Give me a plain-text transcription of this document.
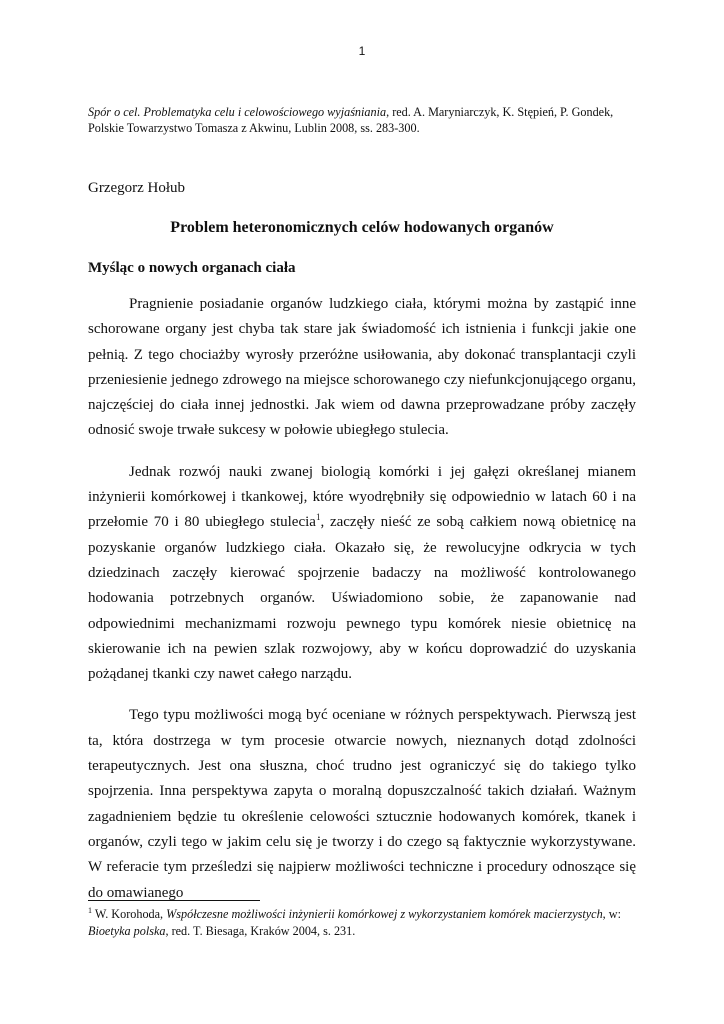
1
Spór o cel. Problematyka celu i celowościowego wyjaśniania, red. A. Maryniarczyk, K. Stępień, P. Gondek, Polskie Towarzystwo Tomasza z Akwinu, Lublin 2008, ss. 283-300.
Grzegorz Hołub
Problem heteronomicznych celów hodowanych organów
Myśląc o nowych organach ciała

Pragnienie posiadanie organów ludzkiego ciała, którymi można by zastąpić inne schorowane organy jest chyba tak stare jak świadomość ich istnienia i funkcji jakie one pełnią. Z tego chociażby wyrosły przeróżne usiłowania, aby dokonać transplantacji czyli przeniesienie jednego zdrowego na miejsce schorowanego czy niefunkcjonującego organu, najczęściej do ciała innej jednostki. Jak wiem od dawna przeprowadzane próby zaczęły odnosić swoje trwałe sukcesy w połowie ubiegłego stulecia.

Jednak rozwój nauki zwanej biologią komórki i jej gałęzi określanej mianem inżynierii komórkowej i tkankowej, które wyodrębniły się odpowiednio w latach 60 i na przełomie 70 i 80 ubiegłego stulecia$^1$, zaczęły nieść ze sobą całkiem nową obietnicę na pozyskanie organów ludzkiego ciała. Okazało się, że rewolucyjne odkrycia w tych dziedzinach zaczęły kierować spojrzenie badaczy na możliwość kontrolowanego hodowania potrzebnych organów. Uświadomiono sobie, że zapanowanie nad odpowiednimi mechanizmami rozwoju pewnego typu komórek niesie obietnicę na skierowanie ich na pewien szlak rozwojowy, aby w końcu doprowadzić do uzyskania pożądanej tkanki czy nawet całego narządu.

Tego typu możliwości mogą być oceniane w różnych perspektywach. Pierwszą jest ta, która dostrzega w tym procesie otwarcie nowych, nieznanych dotąd zdolności terapeutycznych. Jest ona słuszna, choć trudno jest ograniczyć się do takiego tylko spojrzenia. Inna perspektywa zapyta o moralną dopuszczalność takich działań. Ważnym zagadnieniem będzie tu określenie celowości sztucznie hodowanych komórek, tkanek i organów, czyli tego w jakim celu się je tworzy i do czego są faktycznie wykorzystywane. W referacie tym prześledzi się najpierw możliwości techniczne i procedury odnoszące się do omawianego

$^1$ W. Korohoda, Współczesne możliwości inżynierii komórkowej z wykorzystaniem komórek macierzystych, w: Bioetyka polska, red. T. Biesaga, Kraków 2004, s. 231.
